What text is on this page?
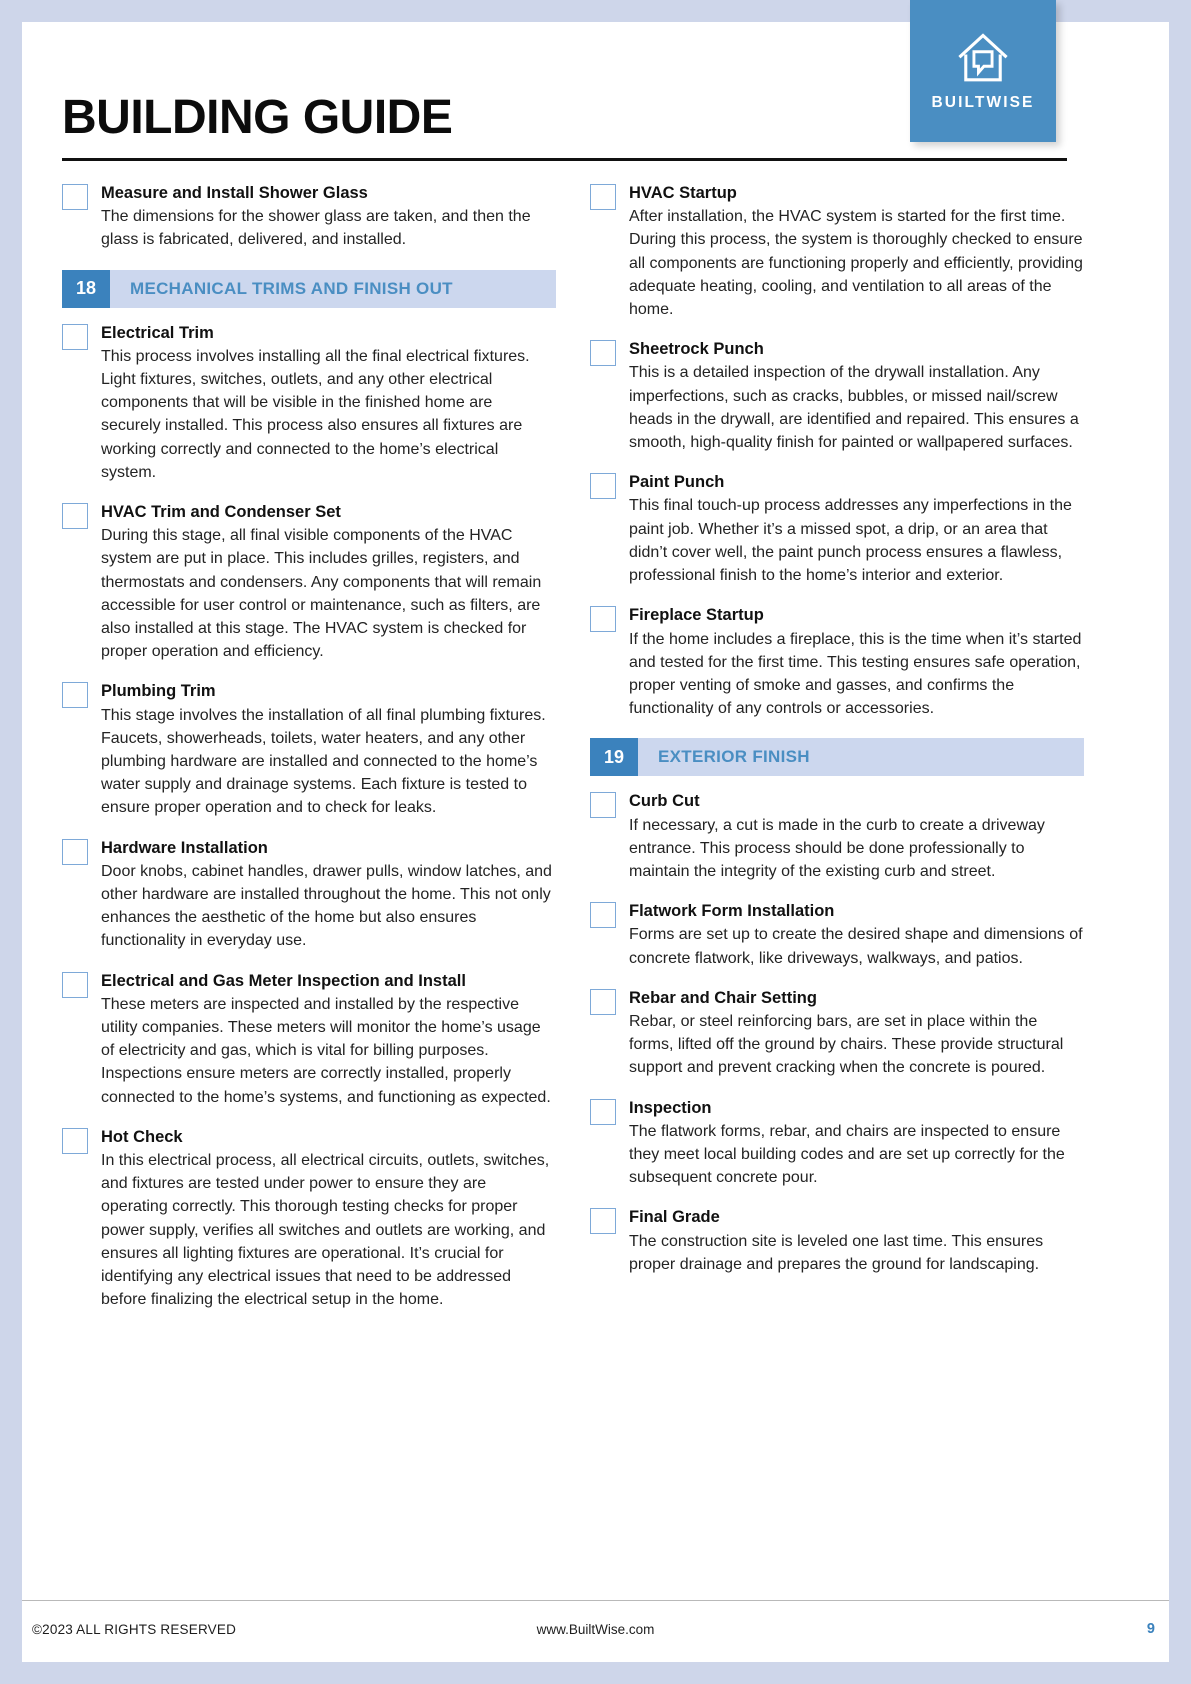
BUILDING GUIDE	BUILTWISE
Measure and Install Shower Glass
The dimensions for the shower glass are taken, and then the glass is fabricated, delivered, and installed.
18	MECHANICAL TRIMS AND FINISH OUT
Electrical Trim
This process involves installing all the final electrical fixtures. Light fixtures, switches, outlets, and any other electrical components that will be visible in the finished home are securely installed. This process also ensures all fixtures are working correctly and connected to the home’s electrical system.
HVAC Trim and Condenser Set
During this stage, all final visible components of the HVAC system are put in place. This includes grilles, registers, and thermostats and condensers. Any components that will remain accessible for user control or maintenance, such as filters, are also installed at this stage. The HVAC system is checked for proper operation and efficiency.
Plumbing Trim
This stage involves the installation of all final plumbing fixtures. Faucets, showerheads, toilets, water heaters, and any other plumbing hardware are installed and connected to the home’s water supply and drainage systems. Each fixture is tested to ensure proper operation and to check for leaks.
Hardware Installation
Door knobs, cabinet handles, drawer pulls, window latches, and other hardware are installed throughout the home. This not only enhances the aesthetic of the home but also ensures functionality in everyday use.
Electrical and Gas Meter Inspection and Install
These meters are inspected and installed by the respective utility companies. These meters will monitor the home’s usage of electricity and gas, which is vital for billing purposes. Inspections ensure meters are correctly installed, properly connected to the home’s systems, and functioning as expected.
Hot Check
In this electrical process, all electrical circuits, outlets, switches, and fixtures are tested under power to ensure they are operating correctly. This thorough testing checks for proper power supply, verifies all switches and outlets are working, and ensures all lighting fixtures are operational. It’s crucial for identifying any electrical issues that need to be addressed before finalizing the electrical setup in the home.
HVAC Startup
After installation, the HVAC system is started for the first time. During this process, the system is thoroughly checked to ensure all components are functioning properly and efficiently, providing adequate heating, cooling, and ventilation to all areas of the home.
Sheetrock Punch
This is a detailed inspection of the drywall installation. Any imperfections, such as cracks, bubbles, or missed nail/screw heads in the drywall, are identified and repaired. This ensures a smooth, high-quality finish for painted or wallpapered surfaces.
Paint Punch
This final touch-up process addresses any imperfections in the paint job. Whether it’s a missed spot, a drip, or an area that didn’t cover well, the paint punch process ensures a flawless, professional finish to the home’s interior and exterior.
Fireplace Startup
If the home includes a fireplace, this is the time when it’s started and tested for the first time. This testing ensures safe operation, proper venting of smoke and gasses, and confirms the functionality of any controls or accessories.
19	EXTERIOR FINISH
Curb Cut
If necessary, a cut is made in the curb to create a driveway entrance. This process should be done professionally to maintain the integrity of the existing curb and street.
Flatwork Form Installation
Forms are set up to create the desired shape and dimensions of concrete flatwork, like driveways, walkways, and patios.
Rebar and Chair Setting
Rebar, or steel reinforcing bars, are set in place within the forms, lifted off the ground by chairs. These provide structural support and prevent cracking when the concrete is poured.
Inspection
The flatwork forms, rebar, and chairs are inspected to ensure they meet local building codes and are set up correctly for the subsequent concrete pour.
Final Grade
The construction site is leveled one last time. This ensures proper drainage and prepares the ground for landscaping.
©2023 ALL RIGHTS RESERVED	www.BuiltWise.com	9
